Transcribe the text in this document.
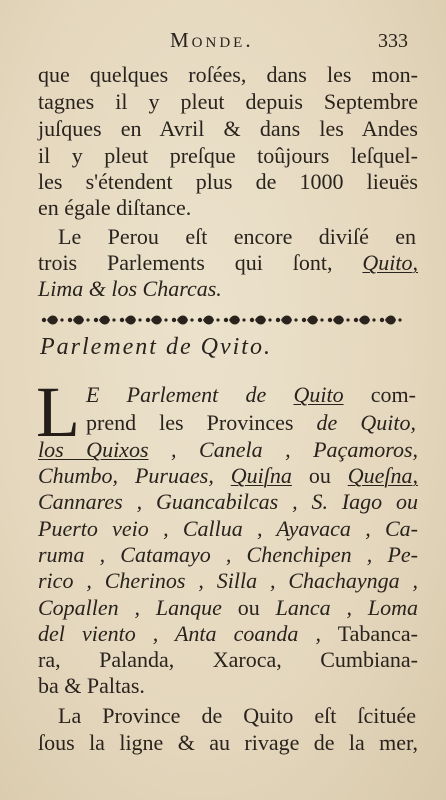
Monde.	333
que quelques roſées, dans les mon-
tagnes il y pleut depuis Septembre
juſques en Avril & dans les Andes
il y pleut preſque toûjours leſquel-
les s'étendent plus de 1000 lieuës
en égale diſtance.
Le Perou eſt encore diviſé en
trois Parlements qui ſont, Quito,
Lima & los Charcas.
Parlement de Qvito.
L E Parlement de Quito com-
prend les Provinces de Quito,
los Quixos , Canela , Paçamoros,
Chumbo, Puruaes, Quiſna ou Queſna,
Cannares , Guancabilcas , S. Iago ou
Puerto veio , Callua , Ayavaca , Ca-
ruma , Catamayo , Chenchipen , Pe-
rico , Cherinos , Silla , Chachaynga ,
Copallen , Lanque ou Lanca , Loma
del viento , Anta coanda , Tabanca-
ra, Palanda, Xaroca, Cumbiana-
ba & Paltas.
La Province de Quito eſt ſcituée
ſous la ligne & au rivage de la mer,
